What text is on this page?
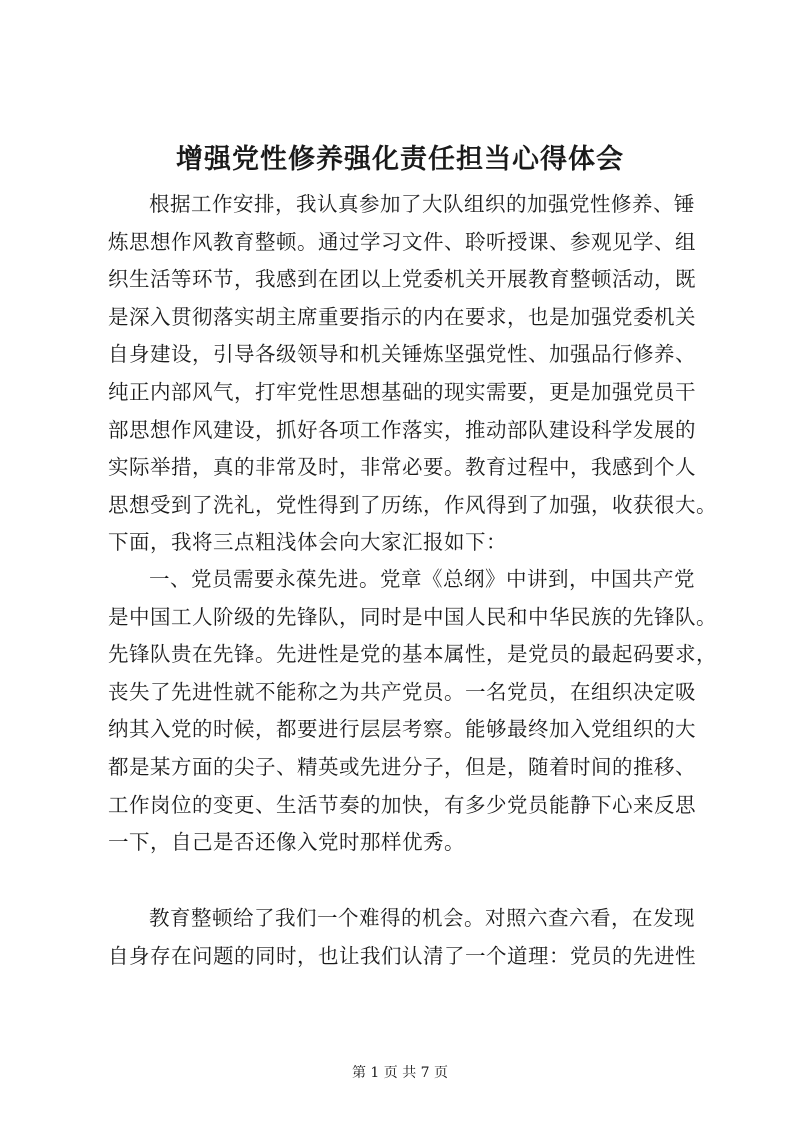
增强党性修养强化责任担当心得体会
根据工作安排，我认真参加了大队组织的加强党性修养、锤
炼思想作风教育整顿。通过学习文件、聆听授课、参观见学、组
织生活等环节，我感到在团以上党委机关开展教育整顿活动，既
是深入贯彻落实胡主席重要指示的内在要求，也是加强党委机关
自身建设，引导各级领导和机关锤炼坚强党性、加强品行修养、
纯正内部风气，打牢党性思想基础的现实需要，更是加强党员干
部思想作风建设，抓好各项工作落实，推动部队建设科学发展的
实际举措，真的非常及时，非常必要。教育过程中，我感到个人
思想受到了洗礼，党性得到了历练，作风得到了加强，收获很大。
下面，我将三点粗浅体会向大家汇报如下：
一、党员需要永葆先进。党章《总纲》中讲到，中国共产党
是中国工人阶级的先锋队，同时是中国人民和中华民族的先锋队。
先锋队贵在先锋。先进性是党的基本属性，是党员的最起码要求，
丧失了先进性就不能称之为共产党员。一名党员，在组织决定吸
纳其入党的时候，都要进行层层考察。能够最终加入党组织的大
都是某方面的尖子、精英或先进分子，但是，随着时间的推移、
工作岗位的变更、生活节奏的加快，有多少党员能静下心来反思
一下，自己是否还像入党时那样优秀。
教育整顿给了我们一个难得的机会。对照六查六看，在发现
自身存在问题的同时，也让我们认清了一个道理：党员的先进性
第 1 页 共 7 页
